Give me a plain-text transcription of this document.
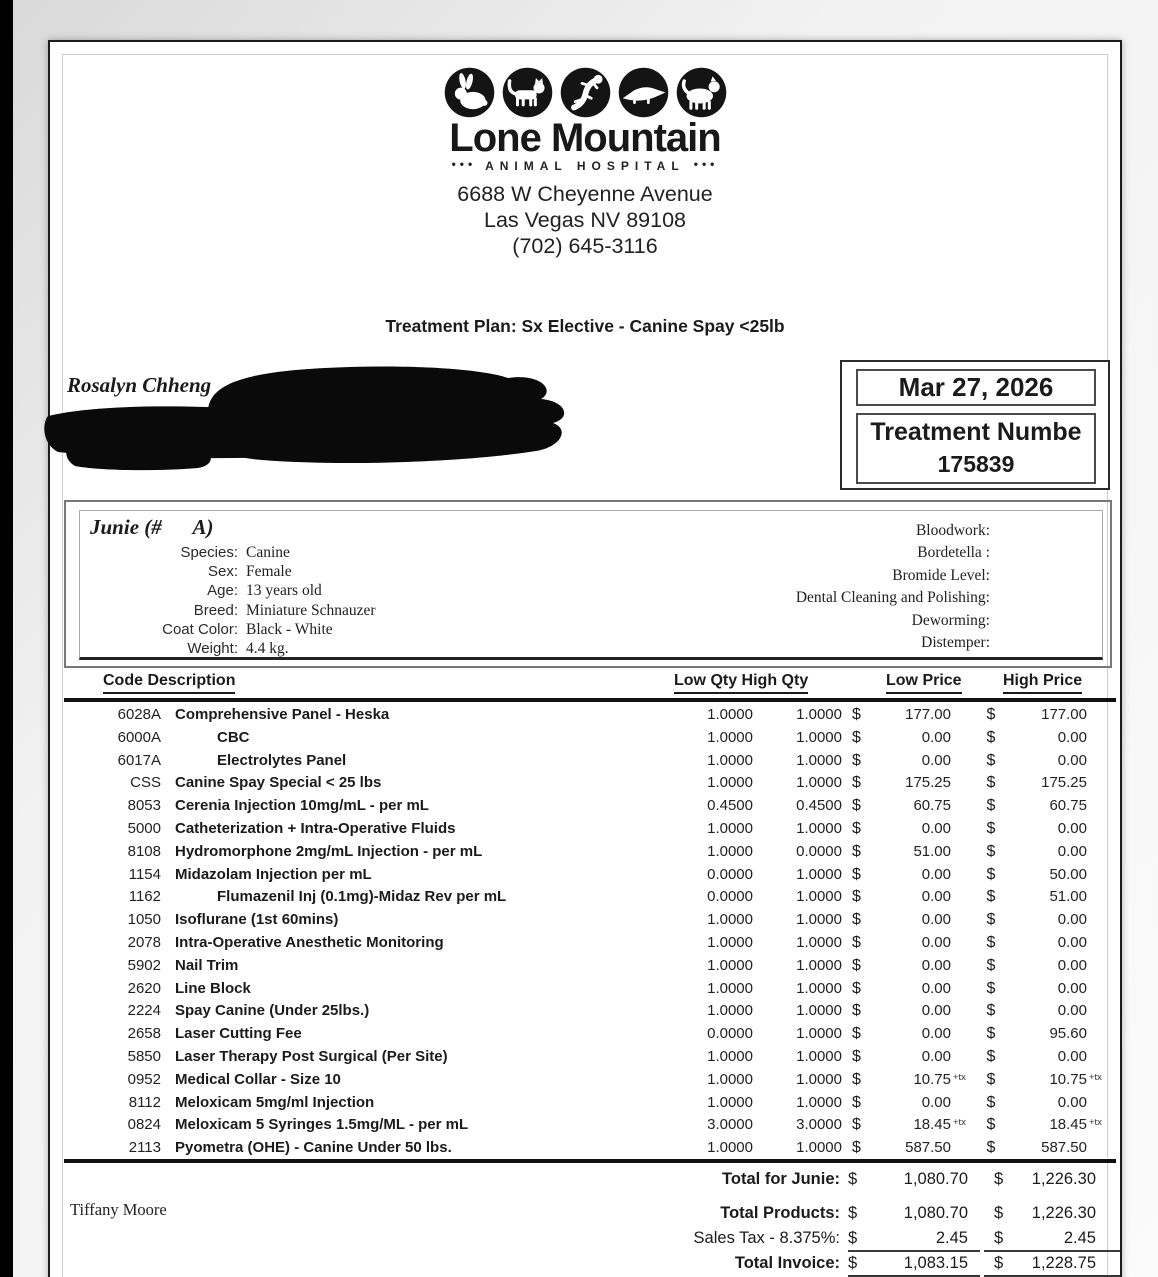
Lone Mountain
••• ANIMAL HOSPITAL •••
6688 W Cheyenne Avenue
Las Vegas NV 89108
(702) 645-3116
Treatment Plan: Sx Elective - Canine Spay <25lb
Rosalyn Chheng	Mar 27, 2026
Treatment Numbe
175839
Junie (#      A)
Species: Canine
Sex: Female
Age: 13 years old
Breed: Miniature Schnauzer
Coat Color: Black - White
Weight: 4.4 kg.
Bloodwork:
Bordetella :
Bromide Level:
Dental Cleaning and Polishing:
Deworming:
Distemper:
Code Description	Low Qty High Qty	Low Price	High Price
6028A Comprehensive Panel - Heska	1.0000	1.0000 $	177.00	$	177.00
6000A	CBC	1.0000	1.0000 $	0.00	$	0.00
6017A	Electrolytes Panel	1.0000	1.0000 $	0.00	$	0.00
CSS Canine Spay Special < 25 lbs	1.0000	1.0000 $	175.25	$	175.25
8053 Cerenia Injection 10mg/mL - per mL	0.4500	0.4500 $	60.75	$	60.75
5000 Catheterization + Intra-Operative Fluids	1.0000	1.0000 $	0.00	$	0.00
8108 Hydromorphone 2mg/mL Injection - per mL	1.0000	0.0000 $	51.00	$	0.00
1154 Midazolam Injection per mL	0.0000	1.0000 $	0.00	$	50.00
1162	Flumazenil Inj (0.1mg)-Midaz Rev per mL	0.0000	1.0000 $	0.00	$	51.00
1050 Isoflurane (1st 60mins)	1.0000	1.0000 $	0.00	$	0.00
2078 Intra-Operative Anesthetic Monitoring	1.0000	1.0000 $	0.00	$	0.00
5902 Nail Trim	1.0000	1.0000 $	0.00	$	0.00
2620 Line Block	1.0000	1.0000 $	0.00	$	0.00
2224 Spay Canine (Under 25lbs.)	1.0000	1.0000 $	0.00	$	0.00
2658 Laser Cutting Fee	0.0000	1.0000 $	0.00	$	95.60
5850 Laser Therapy Post Surgical (Per Site)	1.0000	1.0000 $	0.00	$	0.00
0952 Medical Collar - Size 10	1.0000	1.0000 $	10.75 +tx	$	10.75 +tx
8112 Meloxicam 5mg/ml Injection	1.0000	1.0000 $	0.00	$	0.00
0824 Meloxicam 5 Syringes 1.5mg/ML - per mL	3.0000	3.0000 $	18.45 +tx	$	18.45 +tx
2113 Pyometra (OHE) - Canine Under 50 lbs.	1.0000	1.0000 $	587.50	$	587.50
Total for Junie: $	1,080.70 $ 1,226.30
Total Products: $	1,080.70 $ 1,226.30
Sales Tax - 8.375%: $	2.45 $	2.45
Total Invoice: $	1,083.15 $ 1,228.75
Tiffany Moore
